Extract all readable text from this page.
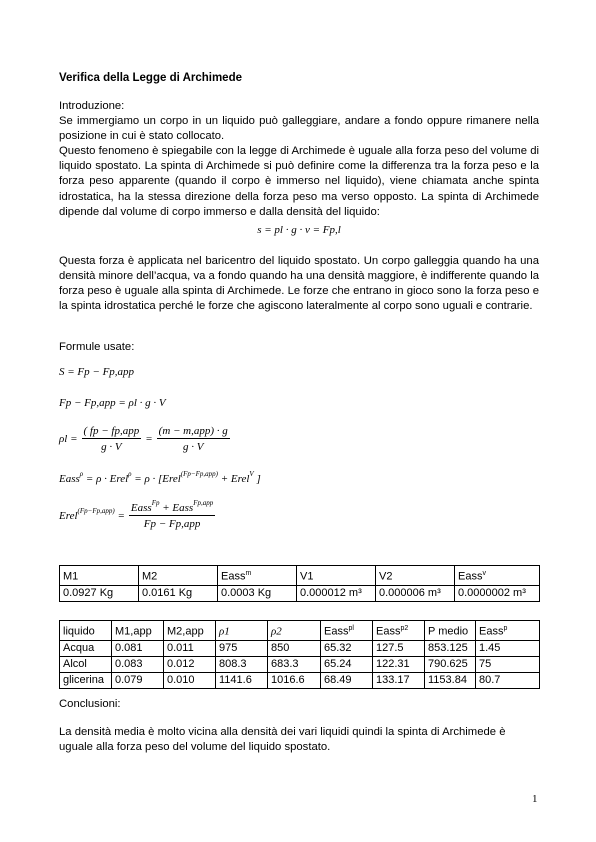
Verifica della Legge di Archimede

Introduzione:

Se immergiamo un corpo in un liquido può galleggiare, andare a fondo oppure rimanere nella posizione in cui è stato collocato.

Questo fenomeno è spiegabile con la legge di Archimede è uguale alla forza peso del volume di liquido spostato. La spinta di Archimede si può definire come la differenza tra la forza peso e la forza peso apparente (quando il corpo è immerso nel liquido), viene chiamata anche spinta idrostatica, ha la stessa direzione della forza peso ma verso opposto. La spinta di Archimede dipende dal volume di corpo immerso e dalla densità del liquido:

s = pl · g · v = Fp,l
Questa forza è applicata nel baricentro del liquido spostato. Un corpo galleggia quando ha una densità minore dell’acqua, va a fondo quando ha una densità maggiore, è indifferente quando la forza peso è uguale alla spinta di Archimede. Le forze che entrano in gioco sono la forza peso e la spinta idrostatica perché le forze che agiscono lateralmente al corpo sono uguali e contrarie.
Formule usate:
S = Fp − Fp,app
Fp − Fp,app = ρl · g · V
$\rho l = \frac{\text{( fp − fp,app}}{g \cdot V} = \frac{\text{(m − m,app) · g}}{g \cdot V}$
Eass$^\rho$ = ρ · Erel$^\rho$ = ρ · [Erel$^{(Fp-Fp,app)}$ + Erel$^V$ ]
Erel$^{(Fp-Fp,app)}$ = $\frac{Eass^{Fp} + Eass^{Fp,app}}{\text{Fp − Fp,app}}$
M1	M2	Eass$^m$	V1	V2	Eass$^v$
0.0927 Kg	0.0161 Kg	0.0003 Kg	0.000012 m³	0.000006 m³	0.0000002 m³
liquido	M1,app	M2,app	ρ1	ρ2	Eass$^{pl}$	Eass$^{p2}$	P medio	Eass$^p$
Acqua	0.081	0.011	975	850	65.32	127.5	853.125	1.45
Alcol	0.083	0.012	808.3	683.3	65.24	122.31	790.625	75
glicerina	0.079	0.010	1141.6	1016.6	68.49	133.17	1153.84	80.7
Conclusioni:
La densità media è molto vicina alla densità dei vari liquidi quindi la spinta di Archimede è uguale alla forza peso del volume del liquido spostato.
1
